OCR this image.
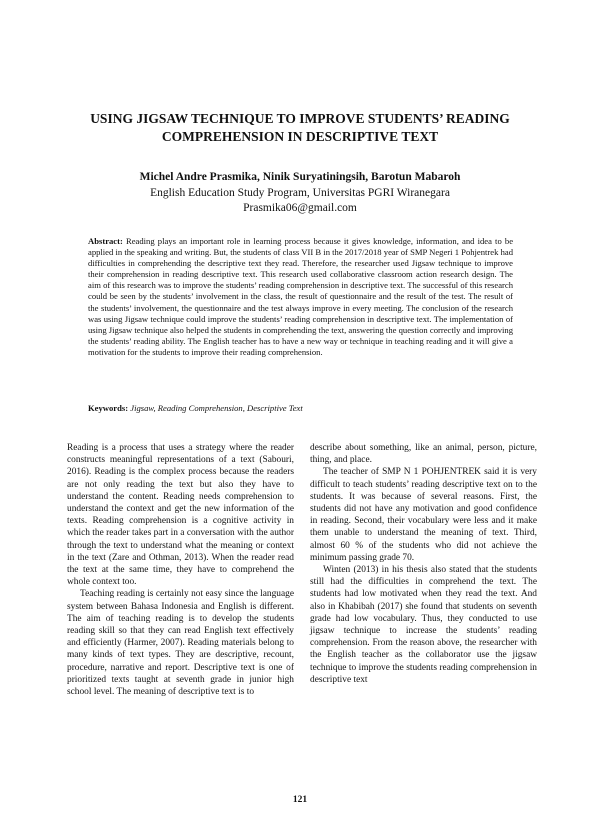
USING JIGSAW TECHNIQUE TO IMPROVE STUDENTS’ READING
COMPREHENSION IN DESCRIPTIVE TEXT
Michel Andre Prasmika, Ninik Suryatiningsih, Barotun Mabaroh
English Education Study Program, Universitas PGRI Wiranegara
Prasmika06@gmail.com

Abstract: Reading plays an important role in learning process because it gives knowledge, information, and idea to be applied in the speaking and writing. But, the students of class VII B in the 2017/2018 year of SMP Negeri 1 Pohjentrek had difficulties in comprehending the descriptive text they read. Therefore, the researcher used Jigsaw technique to improve their comprehension in reading descriptive text. This research used collaborative classroom action research design. The aim of this research was to improve the students’ reading comprehension in descriptive text. The successful of this research could be seen by the students’ involvement in the class, the result of questionnaire and the result of the test. The result of the students’ involvement, the questionnaire and the test always improve in every meeting. The conclusion of the research was using Jigsaw technique could improve the students’ reading comprehension in descriptive text. The implementation of using Jigsaw technique also helped the students in comprehending the text, answering the question correctly and improving the students’ reading ability. The English teacher has to have a new way or technique in teaching reading and it will give a motivation for the students to improve their reading comprehension.

Keywords: Jigsaw, Reading Comprehension, Descriptive Text

Reading is a process that uses a strategy where the reader constructs meaningful representations of a text (Sabouri, 2016). Reading is the complex process because the readers are not only reading the text but also they have to understand the content. Reading needs comprehension to understand the context and get the new information of the texts. Reading comprehension is a cognitive activity in which the reader takes part in a conversation with the author through the text to understand what the meaning or context in the text (Zare and Othman, 2013). When the reader read the text at the same time, they have to comprehend the whole context too.

Teaching reading is certainly not easy since the language system between Bahasa Indonesia and English is different. The aim of teaching reading is to develop the students reading skill so that they can read English text effectively and efficiently (Harmer, 2007). Reading materials belong to many kinds of text types. They are descriptive, recount, procedure, narrative and report. Descriptive text is one of prioritized texts taught at seventh grade in junior high school level. The meaning of descriptive text is to

describe about something, like an animal, person, picture, thing, and place.

The teacher of SMP N 1 POHJENTREK said it is very difficult to teach students’ reading descriptive text on to the students. It was because of several reasons. First, the students did not have any motivation and good confidence in reading. Second, their vocabulary were less and it make them unable to understand the meaning of text. Third, almost 60 % of the students who did not achieve the minimum passing grade 70.

Winten (2013) in his thesis also stated that the students still had the difficulties in comprehend the text. The students had low motivated when they read the text. And also in Khabibah (2017) she found that students on seventh grade had low vocabulary. Thus, they conducted to use jigsaw technique to increase the students’ reading comprehension. From the reason above, the researcher with the English teacher as the collaborator use the jigsaw technique to improve the students reading comprehension in descriptive text

121
